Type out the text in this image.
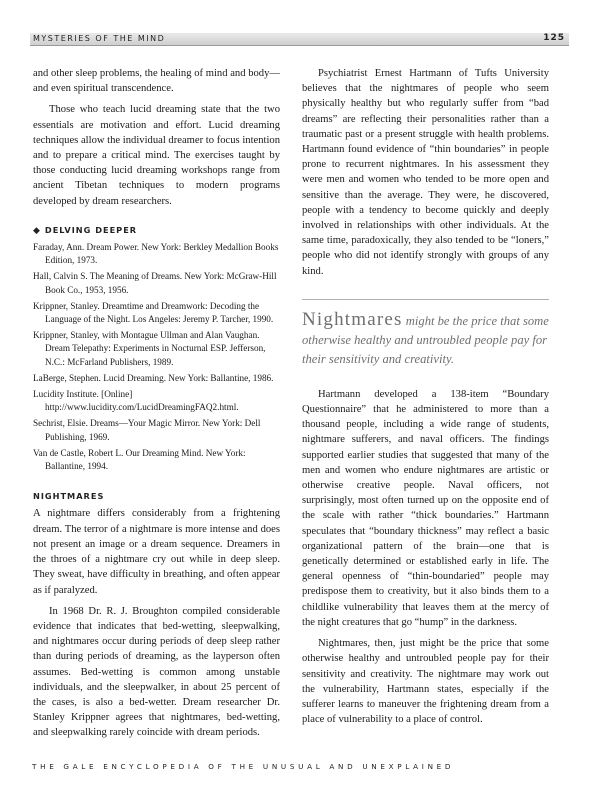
MYSTERIES OF THE MIND	125

and other sleep problems, the healing of mind and body—and even spiritual transcendence.

Those who teach lucid dreaming state that the two essentials are motivation and effort. Lucid dreaming techniques allow the individual dreamer to focus intention and to prepare a critical mind. The exercises taught by those conducting lucid dreaming workshops range from ancient Tibetan techniques to modern programs developed by dream researchers.

◆ DELVING DEEPER

Faraday, Ann. Dream Power. New York: Berkley Medallion Books Edition, 1973.

Hall, Calvin S. The Meaning of Dreams. New York: McGraw-Hill Book Co., 1953, 1956.

Krippner, Stanley. Dreamtime and Dreamwork: Decoding the Language of the Night. Los Angeles: Jeremy P. Tarcher, 1990.

Krippner, Stanley, with Montague Ullman and Alan Vaughan. Dream Telepathy: Experiments in Nocturnal ESP. Jefferson, N.C.: McFarland Publishers, 1989.

LaBerge, Stephen. Lucid Dreaming. New York: Ballantine, 1986.

Lucidity Institute. [Online] http://www.lucidity.com/LucidDreamingFAQ2.html.

Sechrist, Elsie. Dreams—Your Magic Mirror. New York: Dell Publishing, 1969.

Van de Castle, Robert L. Our Dreaming Mind. New York: Ballantine, 1994.

NIGHTMARES

A nightmare differs considerably from a frightening dream. The terror of a nightmare is more intense and does not present an image or a dream sequence. Dreamers in the throes of a nightmare cry out while in deep sleep. They sweat, have difficulty in breathing, and often appear as if paralyzed.

In 1968 Dr. R. J. Broughton compiled considerable evidence that indicates that bed-wetting, sleepwalking, and nightmares occur during periods of deep sleep rather than during periods of dreaming, as the layperson often assumes. Bed-wetting is common among unstable individuals, and the sleepwalker, in about 25 percent of the cases, is also a bed-wetter. Dream researcher Dr. Stanley Krippner agrees that nightmares, bed-wetting, and sleepwalking rarely coincide with dream periods.

Psychiatrist Ernest Hartmann of Tufts University believes that the nightmares of people who seem physically healthy but who regularly suffer from “bad dreams” are reflecting their personalities rather than a traumatic past or a present struggle with health problems. Hartmann found evidence of “thin boundaries” in people prone to recurrent nightmares. In his assessment they were men and women who tended to be more open and sensitive than the average. They were, he discovered, people with a tendency to become quickly and deeply involved in relationships with other individuals. At the same time, paradoxically, they also tended to be “loners,” people who did not identify strongly with groups of any kind.

Nightmares might be the price that some otherwise healthy and untroubled people pay for their sensitivity and creativity.

Hartmann developed a 138-item “Boundary Questionnaire” that he administered to more than a thousand people, including a wide range of students, nightmare sufferers, and naval officers. The findings supported earlier studies that suggested that many of the men and women who endure nightmares are artistic or otherwise creative people. Naval officers, not surprisingly, most often turned up on the opposite end of the scale with rather “thick boundaries.” Hartmann speculates that “boundary thickness” may reflect a basic organizational pattern of the brain—one that is genetically determined or established early in life. The general openness of “thin-boundaried” people may predispose them to creativity, but it also binds them to a childlike vulnerability that leaves them at the mercy of the night creatures that go “hump” in the darkness.

Nightmares, then, just might be the price that some otherwise healthy and untroubled people pay for their sensitivity and creativity. The nightmare may work out the vulnerability, Hartmann states, especially if the sufferer learns to maneuver the frightening dream from a place of vulnerability to a place of control.

THE GALE ENCYCLOPEDIA OF THE UNUSUAL AND UNEXPLAINED
